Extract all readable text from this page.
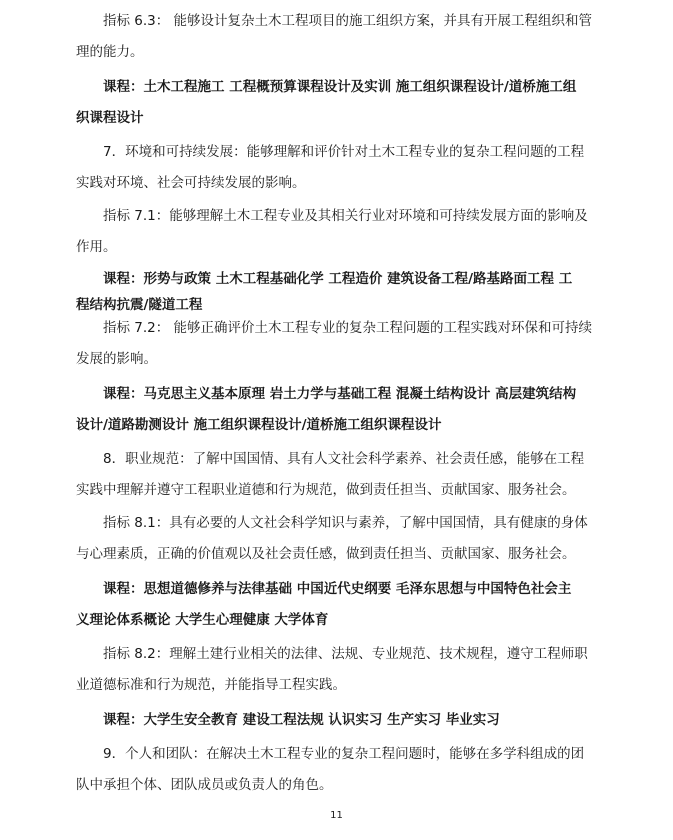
指标 6.3： 能够设计复杂土木工程项目的施工组织方案，并具有开展工程组织和管
理的能力。

课程：土木工程施工 工程概预算课程设计及实训 施工组织课程设计/道桥施工组
织课程设计

7．环境和可持续发展：能够理解和评价针对土木工程专业的复杂工程问题的工程
实践对环境、社会可持续发展的影响。

指标 7.1：能够理解土木工程专业及其相关行业对环境和可持续发展方面的影响及
作用。

课程：形势与政策 土木工程基础化学 工程造价 建筑设备工程/路基路面工程 工
程结构抗震/隧道工程

指标 7.2： 能够正确评价土木工程专业的复杂工程问题的工程实践对环保和可持续
发展的影响。

课程：马克思主义基本原理 岩土力学与基础工程 混凝土结构设计 高层建筑结构
设计/道路勘测设计 施工组织课程设计/道桥施工组织课程设计

8．职业规范：了解中国国情、具有人文社会科学素养、社会责任感，能够在工程
实践中理解并遵守工程职业道德和行为规范，做到责任担当、贡献国家、服务社会。

指标 8.1：具有必要的人文社会科学知识与素养，了解中国国情，具有健康的身体
与心理素质，正确的价值观以及社会责任感，做到责任担当、贡献国家、服务社会。

课程：思想道德修养与法律基础 中国近代史纲要 毛泽东思想与中国特色社会主
义理论体系概论 大学生心理健康 大学体育

指标 8.2：理解土建行业相关的法律、法规、专业规范、技术规程，遵守工程师职
业道德标准和行为规范，并能指导工程实践。

课程：大学生安全教育 建设工程法规 认识实习 生产实习 毕业实习

9．个人和团队：在解决土木工程专业的复杂工程问题时，能够在多学科组成的团
队中承担个体、团队成员或负责人的角色。

11
